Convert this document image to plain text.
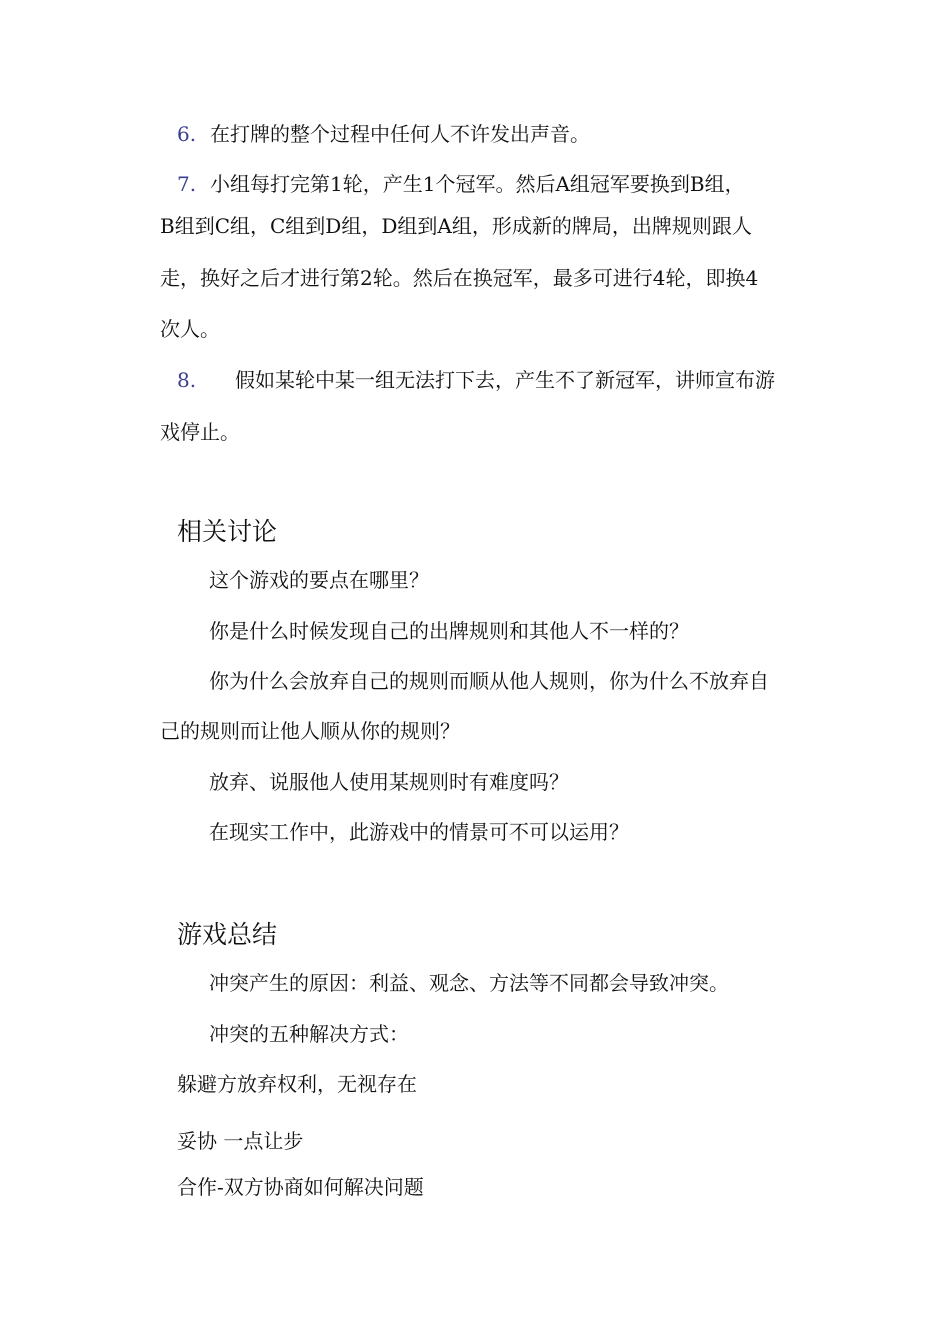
6. 在打牌的整个过程中任何人不许发出声音。
7. 小组每打完第1轮，产生1个冠军。然后A组冠军要换到B组，
B组到C组，C组到D组，D组到A组，形成新的牌局，出牌规则跟人
走，换好之后才进行第2轮。然后在换冠军，最多可进行4轮，即换4
次人。
8. 假如某轮中某一组无法打下去，产生不了新冠军，讲师宣布游
戏停止。
相关讨论
这个游戏的要点在哪里？
你是什么时候发现自己的出牌规则和其他人不一样的？
你为什么会放弃自己的规则而顺从他人规则，你为什么不放弃自
己的规则而让他人顺从你的规则？
放弃、说服他人使用某规则时有难度吗？
在现实工作中，此游戏中的情景可不可以运用？
游戏总结
冲突产生的原因：利益、观念、方法等不同都会导致冲突。
冲突的五种解决方式：
躲避方放弃权利，无视存在
妥协 一点让步
合作-双方协商如何解决问题
